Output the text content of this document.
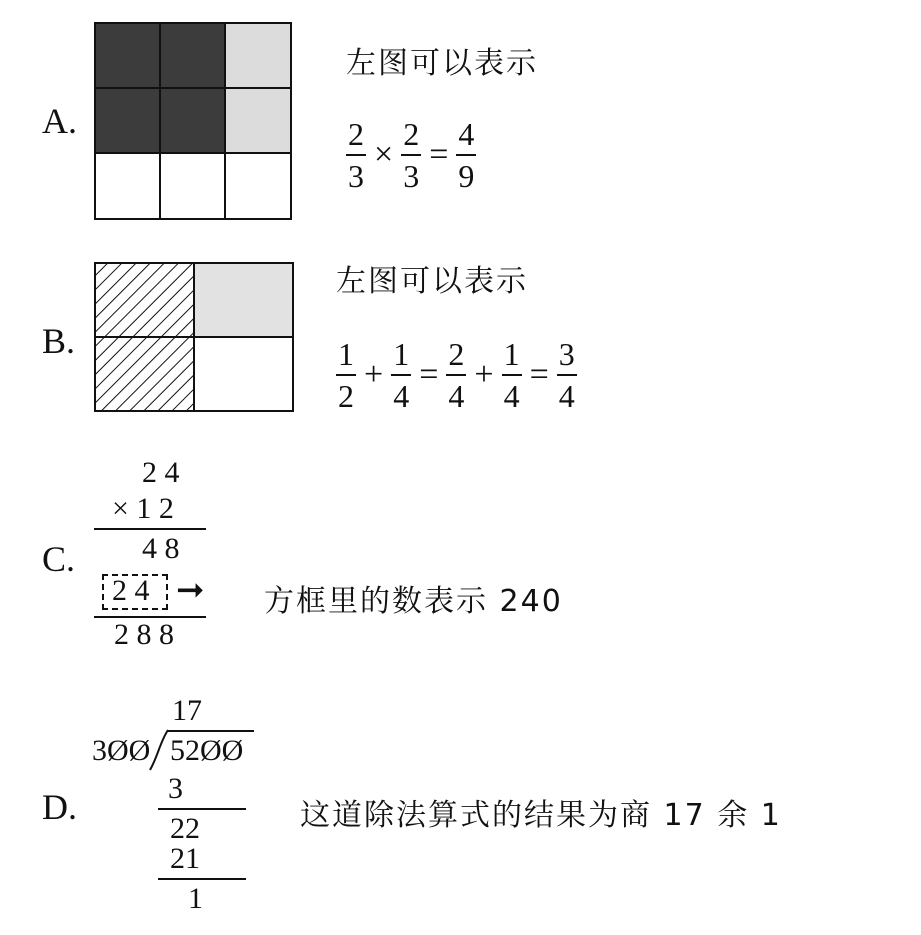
A.
左图可以表示
$\frac{2}{3} \times \frac{2}{3} = \frac{4}{9}$
B.
左图可以表示
$\frac{1}{2} + \frac{1}{4} = \frac{2}{4} + \frac{1}{4} = \frac{3}{4}$
C.
2 4
× 1 2
4 8
2 4 ➞
2 8 8
方框里的数表示 240
D.
17
3ØØ 52ØØ
3
22
21
1
这道除法算式的结果为商 17 余 1
